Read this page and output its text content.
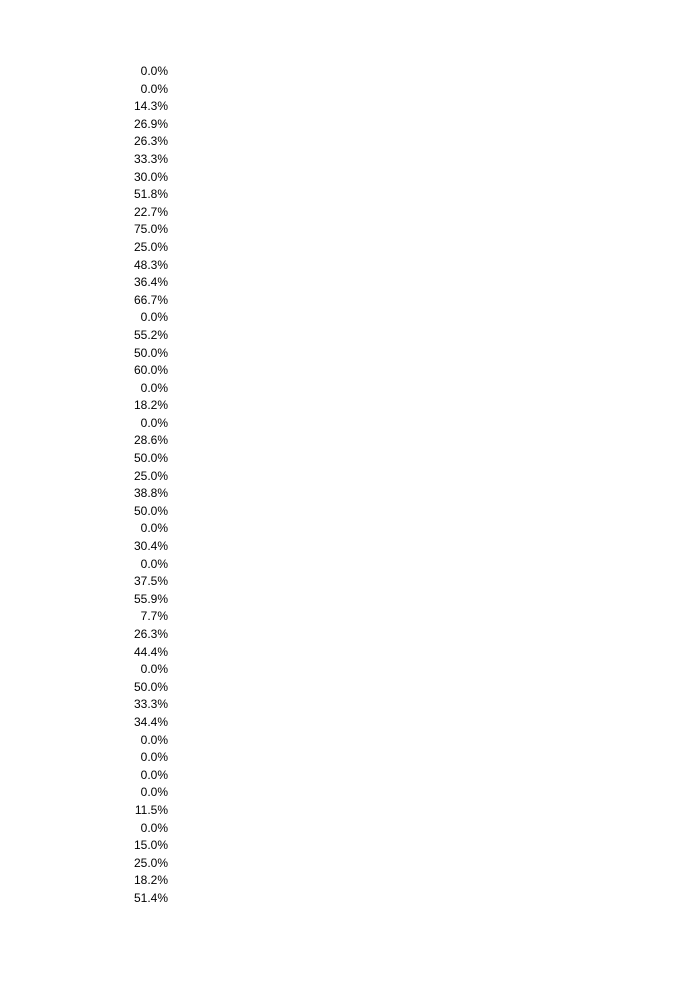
0.0%
0.0%
14.3%
26.9%
26.3%
33.3%
30.0%
51.8%
22.7%
75.0%
25.0%
48.3%
36.4%
66.7%
0.0%
55.2%
50.0%
60.0%
0.0%
18.2%
0.0%
28.6%
50.0%
25.0%
38.8%
50.0%
0.0%
30.4%
0.0%
37.5%
55.9%
7.7%
26.3%
44.4%
0.0%
50.0%
33.3%
34.4%
0.0%
0.0%
0.0%
0.0%
11.5%
0.0%
15.0%
25.0%
18.2%
51.4%
